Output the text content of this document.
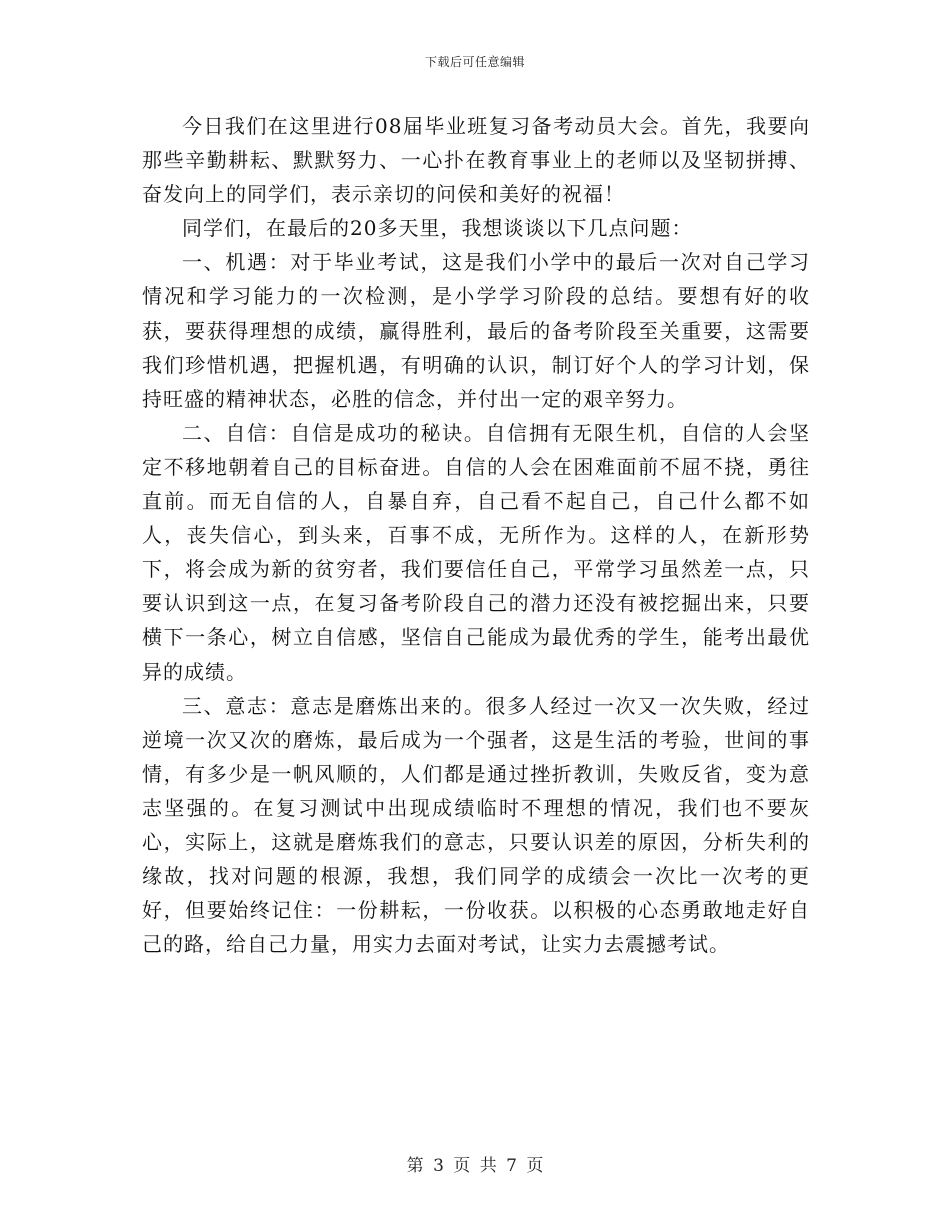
下载后可任意编辑

今日我们在这里进行08届毕业班复习备考动员大会。首先，我要向那些辛勤耕耘、默默努力、一心扑在教育事业上的老师以及坚韧拼搏、奋发向上的同学们，表示亲切的问侯和美好的祝福！

同学们，在最后的20多天里，我想谈谈以下几点问题：

一、机遇：对于毕业考试，这是我们小学中的最后一次对自己学习情况和学习能力的一次检测，是小学学习阶段的总结。要想有好的收获，要获得理想的成绩，赢得胜利，最后的备考阶段至关重要，这需要我们珍惜机遇，把握机遇，有明确的认识，制订好个人的学习计划，保持旺盛的精神状态，必胜的信念，并付出一定的艰辛努力。

二、自信：自信是成功的秘诀。自信拥有无限生机，自信的人会坚定不移地朝着自己的目标奋进。自信的人会在困难面前不屈不挠，勇往直前。而无自信的人，自暴自弃，自己看不起自己，自己什么都不如人，丧失信心，到头来，百事不成，无所作为。这样的人，在新形势下，将会成为新的贫穷者，我们要信任自己，平常学习虽然差一点，只要认识到这一点，在复习备考阶段自己的潜力还没有被挖掘出来，只要横下一条心，树立自信感，坚信自己能成为最优秀的学生，能考出最优异的成绩。

三、意志：意志是磨炼出来的。很多人经过一次又一次失败，经过逆境一次又次的磨炼，最后成为一个强者，这是生活的考验，世间的事情，有多少是一帆风顺的，人们都是通过挫折教训，失败反省，变为意志坚强的。在复习测试中出现成绩临时不理想的情况，我们也不要灰心，实际上，这就是磨炼我们的意志，只要认识差的原因，分析失利的缘故，找对问题的根源，我想，我们同学的成绩会一次比一次考的更好，但要始终记住：一份耕耘，一份收获。以积极的心态勇敢地走好自己的路，给自己力量，用实力去面对考试，让实力去震撼考试。

第 3 页 共 7 页
